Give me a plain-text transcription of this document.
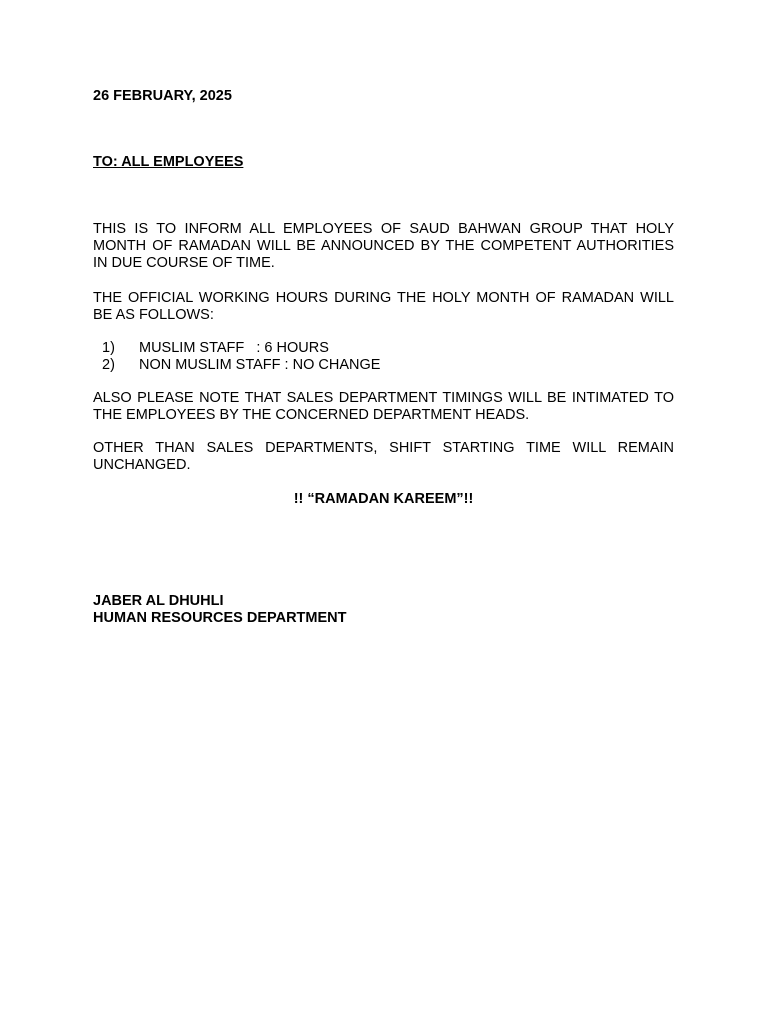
26 FEBRUARY, 2025
TO: ALL EMPLOYEES

THIS IS TO INFORM ALL EMPLOYEES OF SAUD BAHWAN GROUP THAT HOLY MONTH OF RAMADAN WILL BE ANNOUNCED BY THE COMPETENT AUTHORITIES IN DUE COURSE OF TIME.

THE OFFICIAL WORKING HOURS DURING THE HOLY MONTH OF RAMADAN WILL BE AS FOLLOWS:

1)	MUSLIM STAFF   : 6 HOURS
2)	NON MUSLIM STAFF : NO CHANGE

ALSO PLEASE NOTE THAT SALES DEPARTMENT TIMINGS WILL BE INTIMATED TO THE EMPLOYEES BY THE CONCERNED DEPARTMENT HEADS.

OTHER THAN SALES DEPARTMENTS, SHIFT STARTING TIME WILL REMAIN UNCHANGED.

!! “RAMADAN KAREEM”!!
JABER AL DHUHLI
HUMAN RESOURCES DEPARTMENT
